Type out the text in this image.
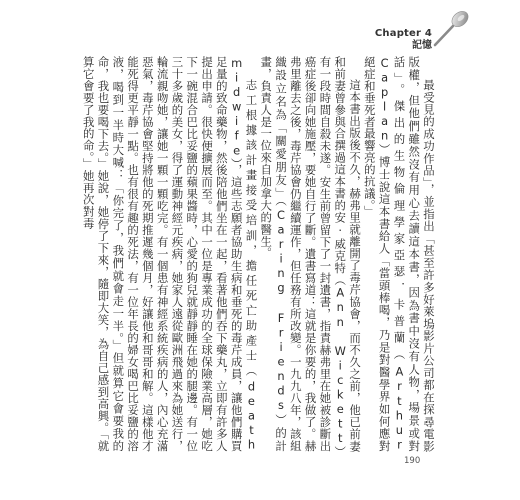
Chapter 4
記憶

最受見的成功作品」，並指出「甚至許多好萊塢影片公司都在探尋電影版權，但他們雖然沒有用心去讀這本書，因為書中沒有人物，場景或對話」。傑出的生物倫理學家亞瑟．卡普蘭（Arthur Caplan）博士說這本書給人「當頭棒喝，乃是對醫學界如何應對絕症和垂死者最響亮的抗議。」

這本書出版後不久，赫弗里就離開了毒芹協會，而不久之前，他已前妻和前妻曾參與合撰過這本書的安·威克特（Ann Wickett）有一段時間自殺未遂。安生前曾留下了一封遺書，指責赫弗里在她被診斷出癌症後卻向她施壓，要她自行了斷。遺書寫道：這就是你要的，我做了。赫弗里離去之後，毒芹協會仍繼續運作，但任務有所改變。一九九八年，該組織設立名為「關愛朋友」（Caring Friends）的計畫，負責人是一位來自加拿大的醫生。

志工根據該計畫接受培訓，擔任死亡助產士（death midwife），這些志願者協助生病和垂死的毒芹成員，讓他們購買足量的致命藥物，然後陪他們坐在一起，看著他們吞下藥丸，立即有許多人提出申請。很快便擴展而至。其中一位是專業成功的全球保險業高層，她吃下一碗混合巴比妥鹽的蘋果醬時，心愛的狗兒就靜靜睡在她的腿邊。有一位三十多歲的美女，得了運動神經元疾病，她家人遠從歐洲飛過來為她送行，輪流親吻她，讓她一顆一顆吃完。有一個患有神經系統疾病的人，內心充滿惡氣，毒芹協會堅持將他的死期推遲幾個月，好讓他和哥哥和解。這樣他才能死得更平靜一點。也有很有趣的死法，有一位年長的婦女喝巴比妥鹽的溶液，喝到一半時大喊：「你完了，我們就會走一半。」但就算它會要我的命，我也要喝下去。」她說，她停了下來，隨即大笑，為自己感到高興。「就算它會要了我的命。」她再次對毒

190
